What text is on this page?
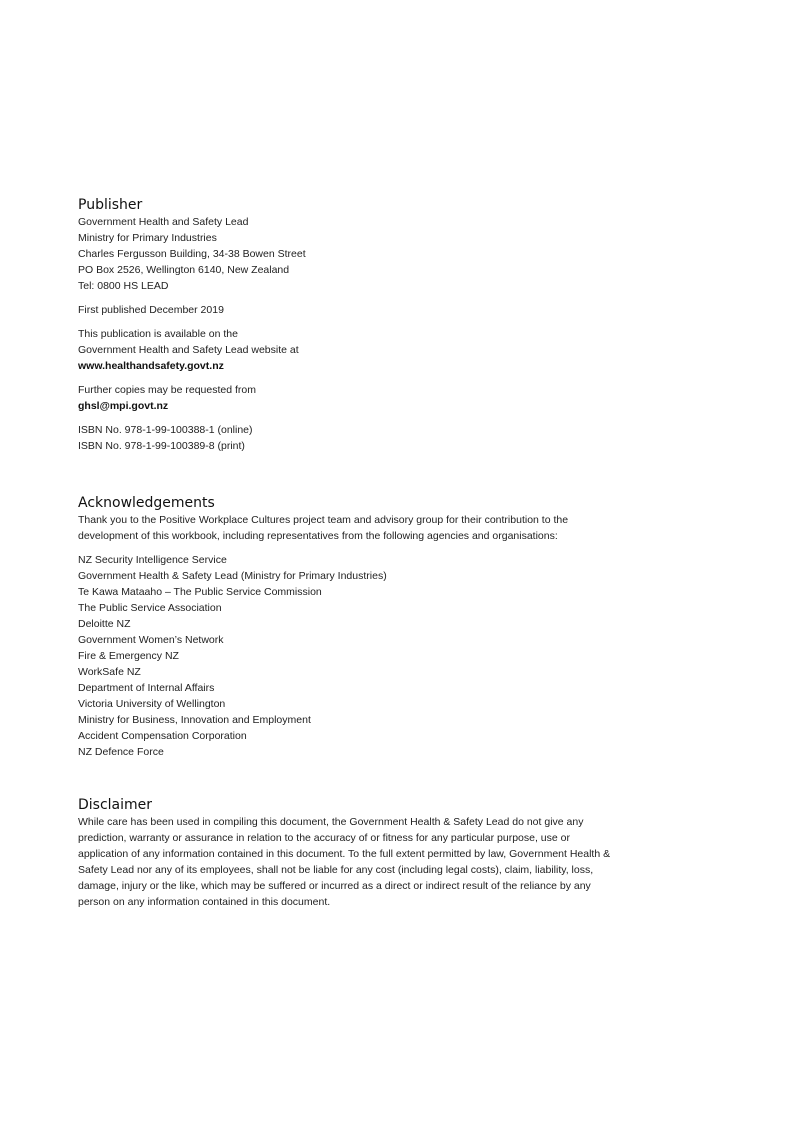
Publisher
Government Health and Safety Lead
Ministry for Primary Industries
Charles Fergusson Building, 34-38 Bowen Street
PO Box 2526, Wellington 6140, New Zealand
Tel: 0800 HS LEAD
First published December 2019
This publication is available on the
Government Health and Safety Lead website at
www.healthandsafety.govt.nz
Further copies may be requested from
ghsl@mpi.govt.nz
ISBN No. 978-1-99-100388-1 (online)
ISBN No. 978-1-99-100389-8 (print)
Acknowledgements
Thank you to the Positive Workplace Cultures project team and advisory group for their contribution to the
development of this workbook, including representatives from the following agencies and organisations:
NZ Security Intelligence Service
Government Health & Safety Lead (Ministry for Primary Industries)
Te Kawa Mataaho – The Public Service Commission
The Public Service Association
Deloitte NZ
Government Women’s Network
Fire & Emergency NZ
WorkSafe NZ
Department of Internal Affairs
Victoria University of Wellington
Ministry for Business, Innovation and Employment
Accident Compensation Corporation
NZ Defence Force
Disclaimer
While care has been used in compiling this document, the Government Health & Safety Lead do not give any
prediction, warranty or assurance in relation to the accuracy of or fitness for any particular purpose, use or
application of any information contained in this document. To the full extent permitted by law, Government Health &
Safety Lead nor any of its employees, shall not be liable for any cost (including legal costs), claim, liability, loss,
damage, injury or the like, which may be suffered or incurred as a direct or indirect result of the reliance by any
person on any information contained in this document.
